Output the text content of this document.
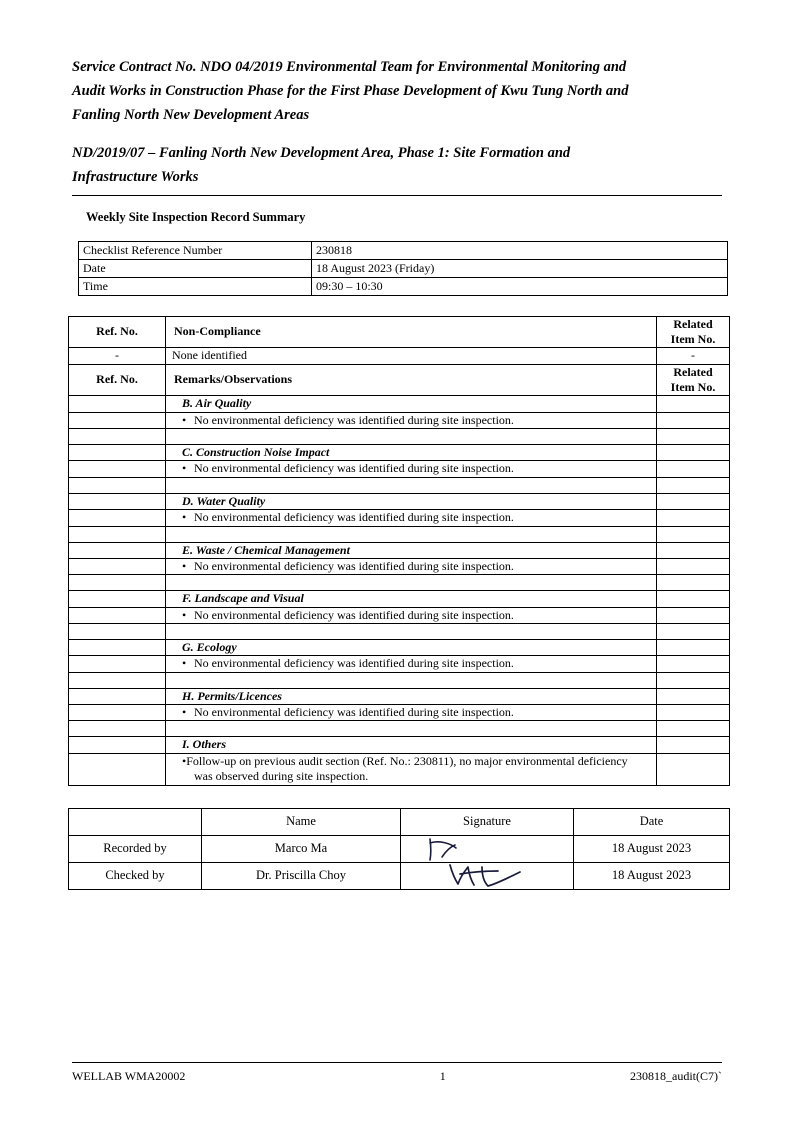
Service Contract No. NDO 04/2019 Environmental Team for Environmental Monitoring and
Audit Works in Construction Phase for the First Phase Development of Kwu Tung North and
Fanling North New Development Areas
ND/2019/07 – Fanling North New Development Area, Phase 1: Site Formation and
Infrastructure Works
Weekly Site Inspection Record Summary
Checklist Reference Number	230818
Date	18 August 2023 (Friday)
Time	09:30 – 10:30
Ref. No.	Non-Compliance	Related
Item No.
-	None identified	-
Ref. No.	Remarks/Observations	Related
Item No.
	B. Air Quality	
	• No environmental deficiency was identified during site inspection.	

	C. Construction Noise Impact	
	• No environmental deficiency was identified during site inspection.	

	D. Water Quality	
	• No environmental deficiency was identified during site inspection.	

	E. Waste / Chemical Management	
	• No environmental deficiency was identified during site inspection.	

	F. Landscape and Visual	
	• No environmental deficiency was identified during site inspection.	

	G. Ecology	
	• No environmental deficiency was identified during site inspection.	

	H. Permits/Licences	
	• No environmental deficiency was identified during site inspection.	

	I. Others	
	•Follow-up on previous audit section (Ref. No.: 230811), no major environmental deficiency
was observed during site inspection.	

	Name	Signature	Date
Recorded by	Marco Ma		18 August 2023
Checked by	Dr. Priscilla Choy		18 August 2023
WELLAB WMA20002	1	230818_audit(C7)`
